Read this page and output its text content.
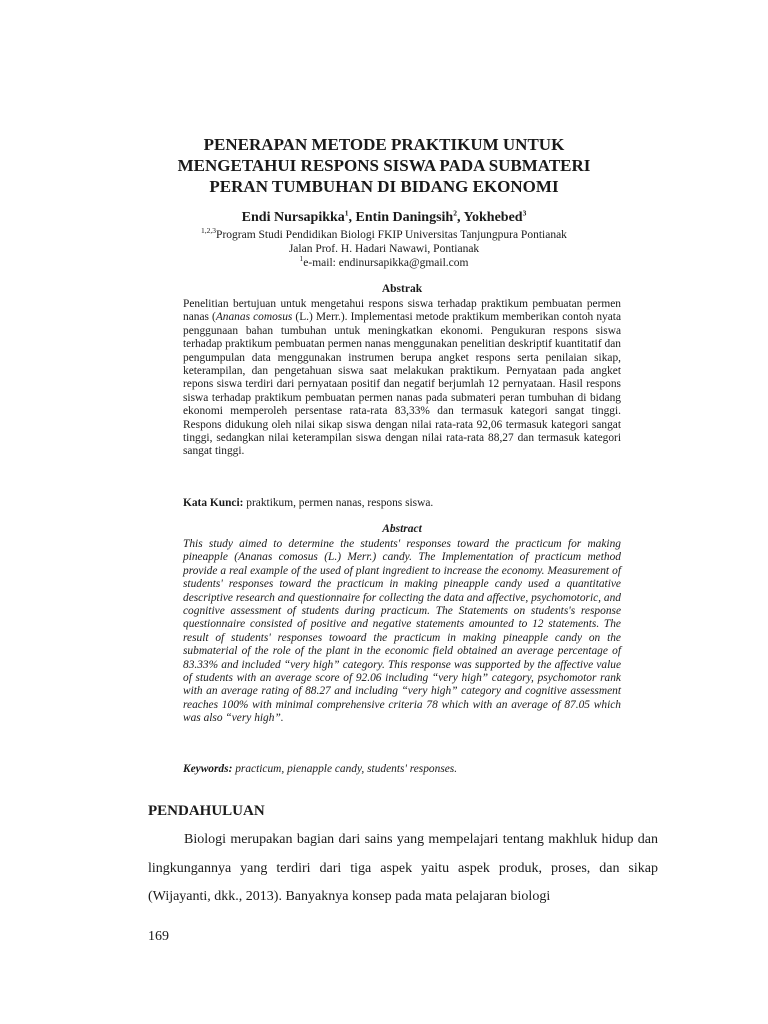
PENERAPAN METODE PRAKTIKUM UNTUK
MENGETAHUI RESPONS SISWA PADA SUBMATERI
PERAN TUMBUHAN DI BIDANG EKONOMI
Endi Nursapikka$^1$, Entin Daningsih$^2$, Yokhebed$^3$
$^{1,2,3}$Program Studi Pendidikan Biologi FKIP Universitas Tanjungpura Pontianak
Jalan Prof. H. Hadari Nawawi, Pontianak
$^1$e-mail: endinursapikka@gmail.com
Abstrak

Penelitian bertujuan untuk mengetahui respons siswa terhadap praktikum pembuatan permen nanas (Ananas comosus (L.) Merr.). Implementasi metode praktikum memberikan contoh nyata penggunaan bahan tumbuhan untuk meningkatkan ekonomi. Pengukuran respons siswa terhadap praktikum pembuatan permen nanas menggunakan penelitian deskriptif kuantitatif dan pengumpulan data menggunakan instrumen berupa angket respons serta penilaian sikap, keterampilan, dan pengetahuan siswa saat melakukan praktikum. Pernyataan pada angket repons siswa terdiri dari pernyataan positif dan negatif berjumlah 12 pernyataan. Hasil respons siswa terhadap praktikum pembuatan permen nanas pada submateri peran tumbuhan di bidang ekonomi memperoleh persentase rata-rata 83,33% dan termasuk kategori sangat tinggi. Respons didukung oleh nilai sikap siswa dengan nilai rata-rata 92,06 termasuk kategori sangat tinggi, sedangkan nilai keterampilan siswa dengan nilai rata-rata 88,27 dan termasuk kategori sangat tinggi.

Kata Kunci: praktikum, permen nanas, respons siswa.

Abstract

This study aimed to determine the students' responses toward the practicum for making pineapple (Ananas comosus (L.) Merr.) candy. The Implementation of practicum method provide a real example of the used of plant ingredient to increase the economy. Measurement of students' responses toward the practicum in making pineapple candy used a quantitative descriptive research and questionnaire for collecting the data and affective, psychomotoric, and cognitive assessment of students during practicum. The Statements on students's response questionnaire consisted of positive and negative statements amounted to 12 statements. The result of students' responses towoard the practicum in making pineapple candy on the submaterial of the role of the plant in the economic field obtained an average percentage of 83.33% and included “very high” category. This response was supported by the affective value of students with an average score of 92.06 including “very high” category, psychomotor rank with an average rating of 88.27 and including “very high” category and cognitive assessment reaches 100% with minimal comprehensive criteria 78 which with an average of 87.05 which was also “very high”.

Keywords: practicum, pienapple candy, students' responses.

PENDAHULUAN

Biologi merupakan bagian dari sains yang mempelajari tentang makhluk hidup dan lingkungannya yang terdiri dari tiga aspek yaitu aspek produk, proses, dan sikap (Wijayanti, dkk., 2013). Banyaknya konsep pada mata pelajaran biologi

169
